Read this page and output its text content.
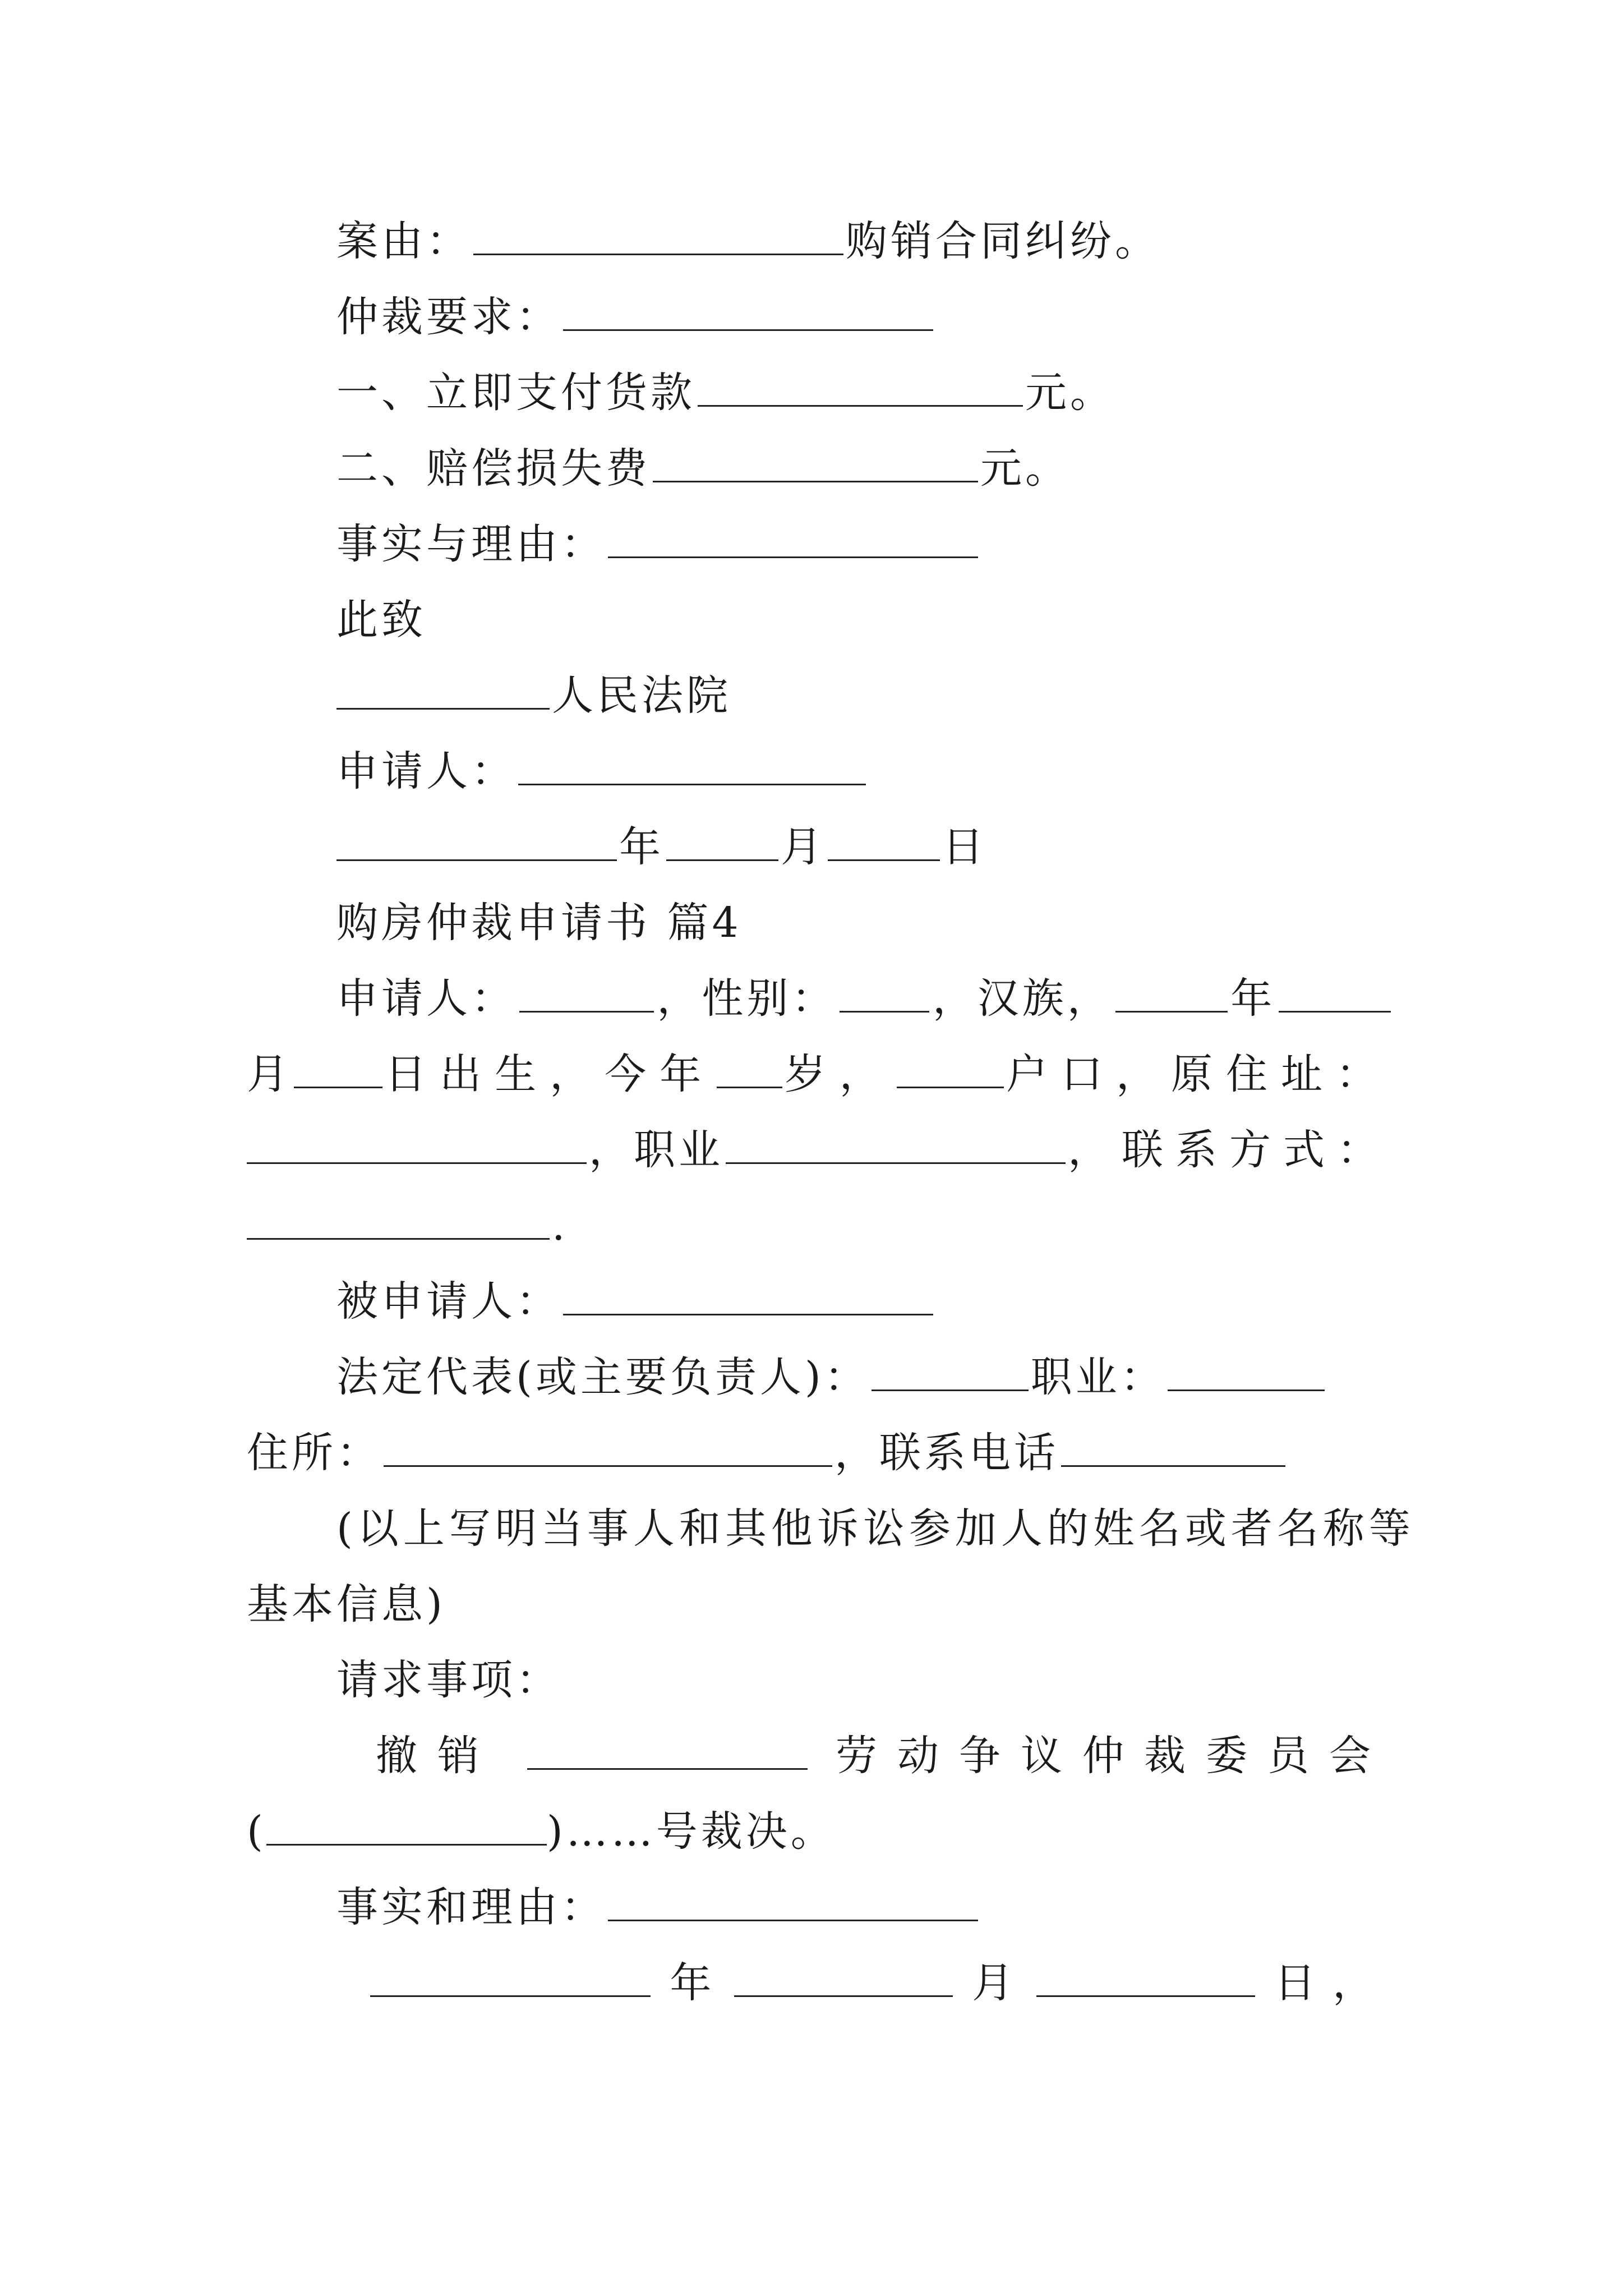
案由：	购销合同纠纷。
仲裁要求：
一、立即支付货款	元。
二、赔偿损失费	元。
事实与理由：
此致
人民法院
申请人：
年	月	日
购房仲裁申请书 篇4
申请人：	，性别： ，汉族，	年
月 日出生，今年 岁，	户口，原住址：
，职业	，联系方式：
.
被申请人：
法定代表(或主要负责人)：	职业：
住所：	，联系电话
(以上写明当事人和其他诉讼参加人的姓名或者名称等
基本信息)
请求事项：
撤销	劳动争议仲裁委员会
(	)……号裁决。
事实和理由：
年	月	日，
